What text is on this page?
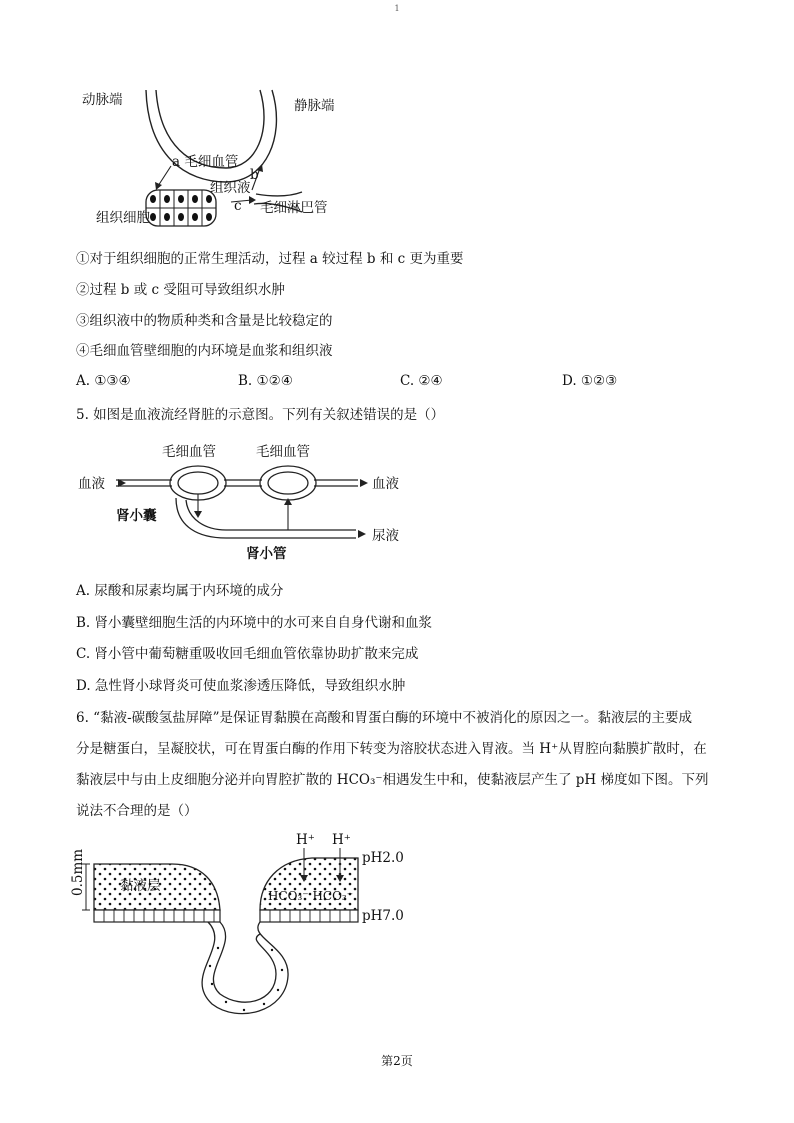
1
动脉端	静脉端
a 毛细血管
b
组织液
c 毛细淋巴管
组织细胞
①对于组织细胞的正常生理活动，过程 a 较过程 b 和 c 更为重要
②过程 b 或 c 受阻可导致组织水肿
③组织液中的物质种类和含量是比较稳定的
④毛细血管壁细胞的内环境是血浆和组织液
A. ①③④	B. ①②④	C. ②④	D. ①②③
5. 如图是血液流经肾脏的示意图。下列有关叙述错误的是（）
毛细血管	毛细血管
血液	血液
肾小囊
肾小管
尿液
A. 尿酸和尿素均属于内环境的成分
B. 肾小囊壁细胞生活的内环境中的水可来自自身代谢和血浆
C. 肾小管中葡萄糖重吸收回毛细血管依靠协助扩散来完成
D. 急性肾小球肾炎可使血浆渗透压降低，导致组织水肿
6. “黏液-碳酸氢盐屏障”是保证胃黏膜在高酸和胃蛋白酶的环境中不被消化的原因之一。黏液层的主要成
分是糖蛋白，呈凝胶状，可在胃蛋白酶的作用下转变为溶胶状态进入胃液。当 H⁺从胃腔向黏膜扩散时，在
黏液层中与由上皮细胞分泌并向胃腔扩散的 HCO₃⁻相遇发生中和，使黏液层产生了 pH 梯度如下图。下列
说法不合理的是（）
0.5mm	黏液层
H⁺ H⁺
pH2.0
HCO₃⁻ HCO₃⁻
pH7.0
第2页
